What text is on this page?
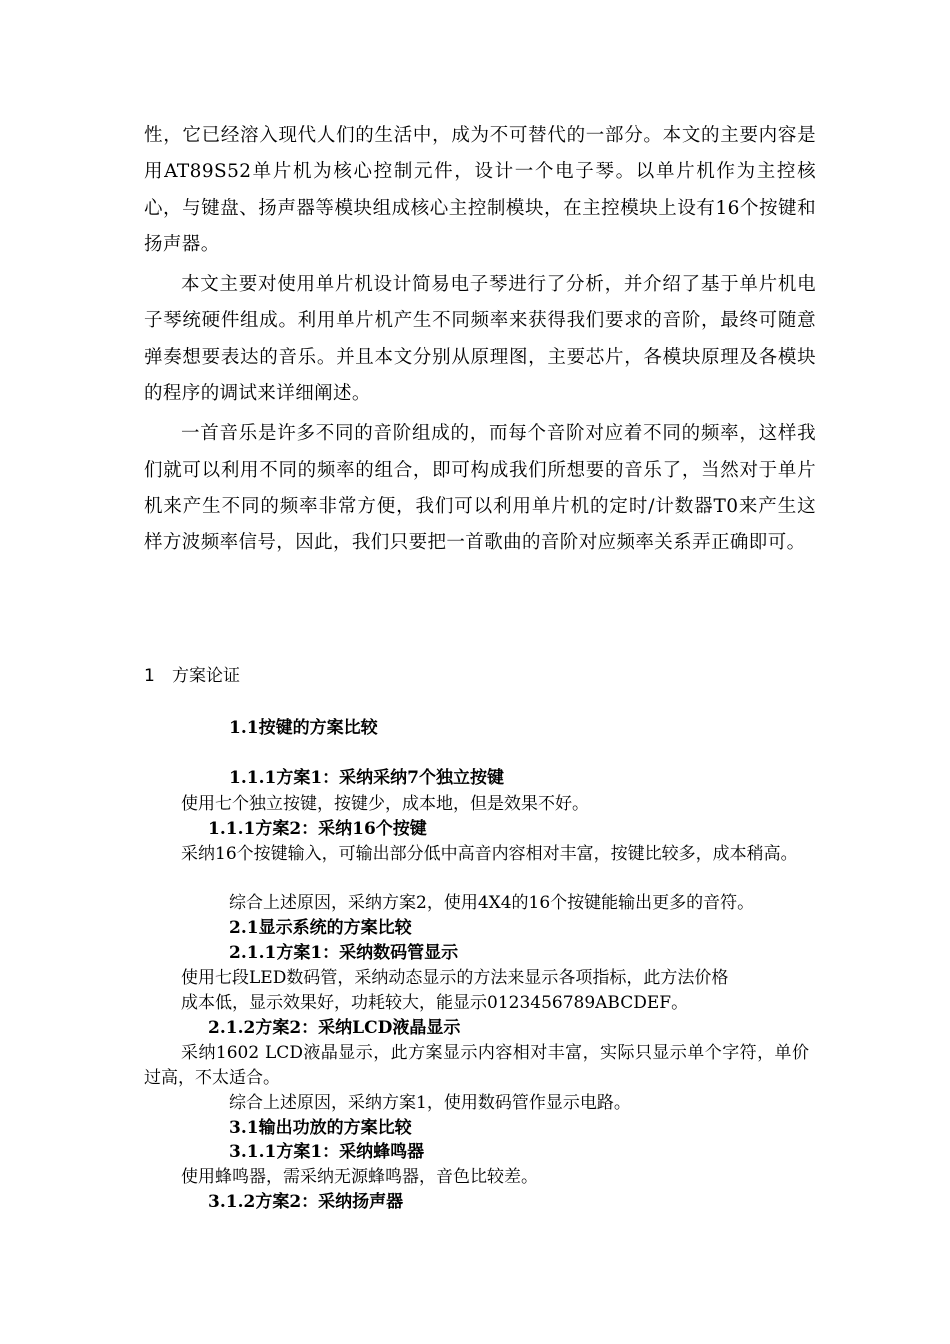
性，它已经溶入现代人们的生活中，成为不可替代的一部分。本文的主要内容是用AT89S52单片机为核心控制元件，设计一个电子琴。以单片机作为主控核心，与键盘、扬声器等模块组成核心主控制模块，在主控模块上设有16个按键和扬声器。

本文主要对使用单片机设计简易电子琴进行了分析，并介绍了基于单片机电子琴统硬件组成。利用单片机产生不同频率来获得我们要求的音阶，最终可随意弹奏想要表达的音乐。并且本文分别从原理图，主要芯片，各模块原理及各模块的程序的调试来详细阐述。

一首音乐是许多不同的音阶组成的，而每个音阶对应着不同的频率，这样我们就可以利用不同的频率的组合，即可构成我们所想要的音乐了，当然对于单片机来产生不同的频率非常方便，我们可以利用单片机的定时/计数器T0来产生这样方波频率信号，因此，我们只要把一首歌曲的音阶对应频率关系弄正确即可。

1 方案论证
1.1按键的方案比较
1.1.1方案1：采纳采纳7个独立按键
使用七个独立按键，按键少，成本地，但是效果不好。
1.1.1方案2：采纳16个按键
采纳16个按键输入，可输出部分低中高音内容相对丰富，按键比较多，成本稍高。
综合上述原因，采纳方案2，使用4X4的16个按键能输出更多的音符。
2.1显示系统的方案比较
2.1.1方案1：采纳数码管显示
使用七段LED数码管，采纳动态显示的方法来显示各项指标，此方法价格
成本低，显示效果好，功耗较大，能显示0123456789ABCDEF。
2.1.2方案2：采纳LCD液晶显示
采纳1602 LCD液晶显示，此方案显示内容相对丰富，实际只显示单个字符，单价过高，不太适合。
综合上述原因，采纳方案1，使用数码管作显示电路。
3.1输出功放的方案比较
3.1.1方案1：采纳蜂鸣器
使用蜂鸣器，需采纳无源蜂鸣器，音色比较差。
3.1.2方案2：采纳扬声器
